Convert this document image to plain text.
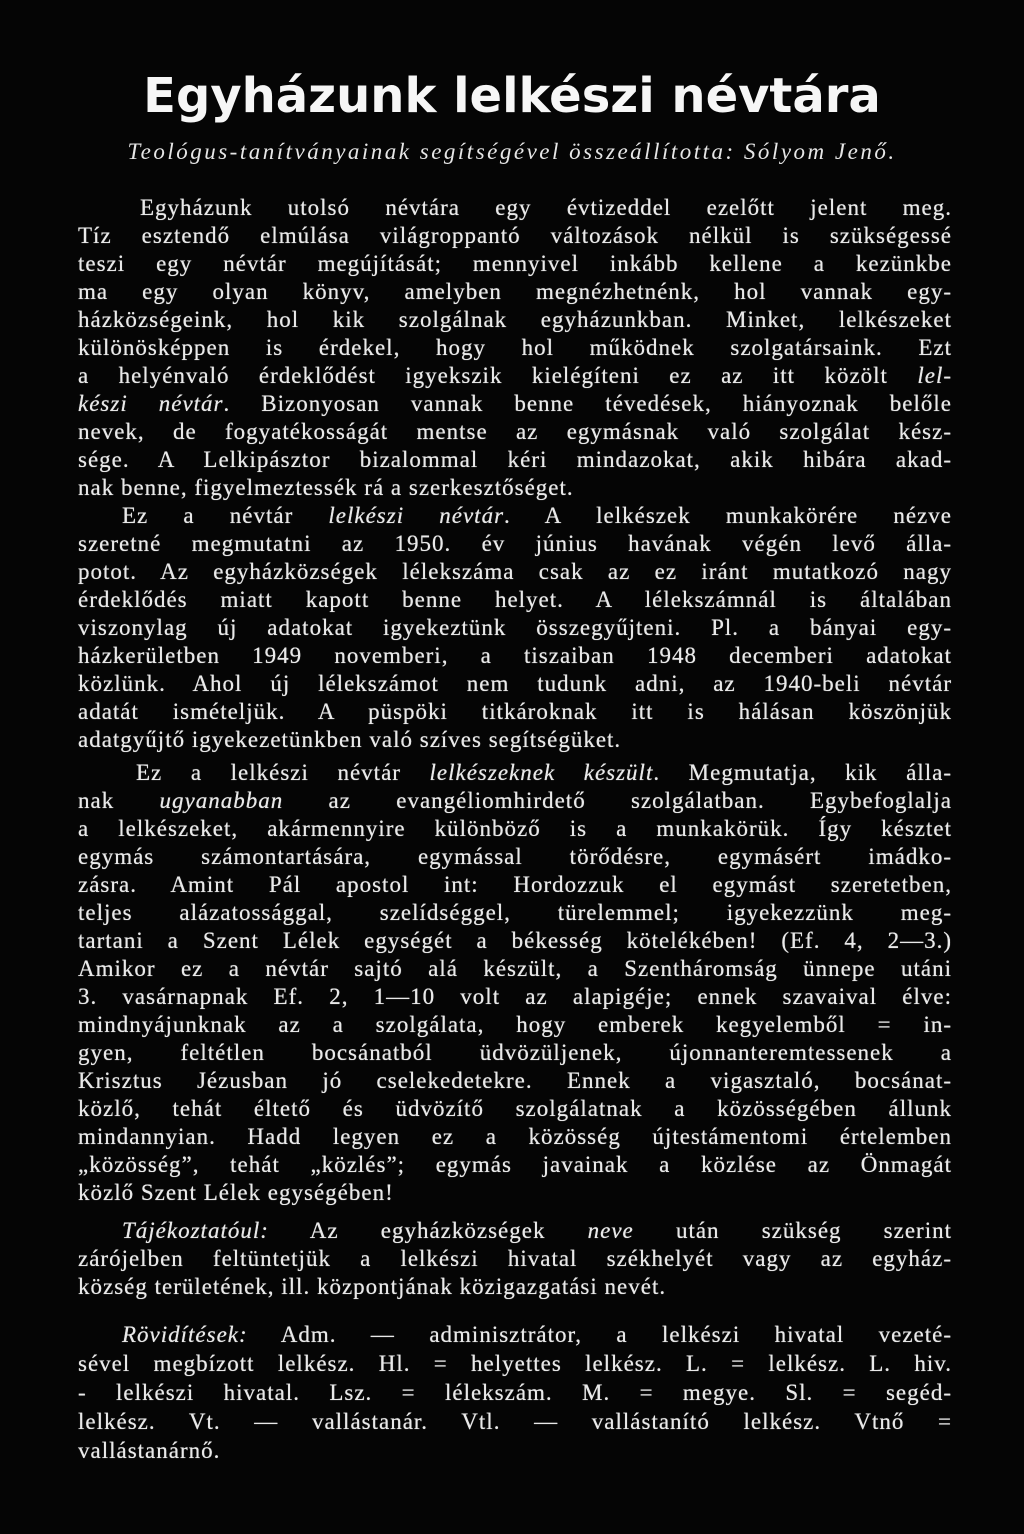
Egyházunk lelkészi névtára
Teológus-tanítványainak segítségével összeállította: Sólyom Jenő.
Egyházunk utolsó névtára egy évtizeddel ezelőtt jelent meg.
Tíz esztendő elmúlása világroppantó változások nélkül is szükségessé
teszi egy névtár megújítását; mennyivel inkább kellene a kezünkbe
ma egy olyan könyv, amelyben megnézhetnénk, hol vannak egy-
házközségeink, hol kik szolgálnak egyházunkban. Minket, lelkészeket
különösképpen is érdekel, hogy hol működnek szolgatársaink. Ezt
a helyénvaló érdeklődést igyekszik kielégíteni ez az itt közölt lel-
készi névtár. Bizonyosan vannak benne tévedések, hiányoznak belőle
nevek, de fogyatékosságát mentse az egymásnak való szolgálat kész-
sége. A Lelkipásztor bizalommal kéri mindazokat, akik hibára akad-
nak benne, figyelmeztessék rá a szerkesztőséget.
Ez a névtár lelkészi névtár. A lelkészek munkakörére nézve
szeretné megmutatni az 1950. év június havának végén levő álla-
potot. Az egyházközségek lélekszáma csak az ez iránt mutatkozó nagy
érdeklődés miatt kapott benne helyet. A lélekszámnál is általában
viszonylag új adatokat igyekeztünk összegyűjteni. Pl. a bányai egy-
házkerületben 1949 novemberi, a tiszaiban 1948 decemberi adatokat
közlünk. Ahol új lélekszámot nem tudunk adni, az 1940-beli névtár
adatát ismételjük. A püspöki titkároknak itt is hálásan köszönjük
adatgyűjtő igyekezetünkben való szíves segítségüket.
Ez a lelkészi névtár lelkészeknek készült. Megmutatja, kik álla-
nak ugyanabban az evangéliomhirdető szolgálatban. Egybefoglalja
a lelkészeket, akármennyire különböző is a munkakörük. Így késztet
egymás számontartására, egymással törődésre, egymásért imádko-
zásra. Amint Pál apostol int: Hordozzuk el egymást szeretetben,
teljes alázatossággal, szelídséggel, türelemmel; igyekezzünk meg-
tartani a Szent Lélek egységét a békesség kötelékében! (Ef. 4, 2—3.)
Amikor ez a névtár sajtó alá készült, a Szentháromság ünnepe utáni
3. vasárnapnak Ef. 2, 1—10 volt az alapigéje; ennek szavaival élve:
mindnyájunknak az a szolgálata, hogy emberek kegyelemből = in-
gyen, feltétlen bocsánatból üdvözüljenek, újonnanteremtessenek a
Krisztus Jézusban jó cselekedetekre. Ennek a vigasztaló, bocsánat-
közlő, tehát éltető és üdvözítő szolgálatnak a közösségében állunk
mindannyian. Hadd legyen ez a közösség újtestámentomi értelemben
„közösség”, tehát „közlés”; egymás javainak a közlése az Önmagát
közlő Szent Lélek egységében!
Tájékoztatóul: Az egyházközségek neve után szükség szerint
zárójelben feltüntetjük a lelkészi hivatal székhelyét vagy az egyház-
község területének, ill. központjának közigazgatási nevét.
Rövidítések: Adm. — adminisztrátor, a lelkészi hivatal vezeté-
sével megbízott lelkész. Hl. = helyettes lelkész. L. = lelkész. L. hiv.
- lelkészi hivatal. Lsz. = lélekszám. M. = megye. Sl. = segéd-
lelkész. Vt. — vallástanár. Vtl. — vallástanító lelkész. Vtnő =
vallástanárnő.
